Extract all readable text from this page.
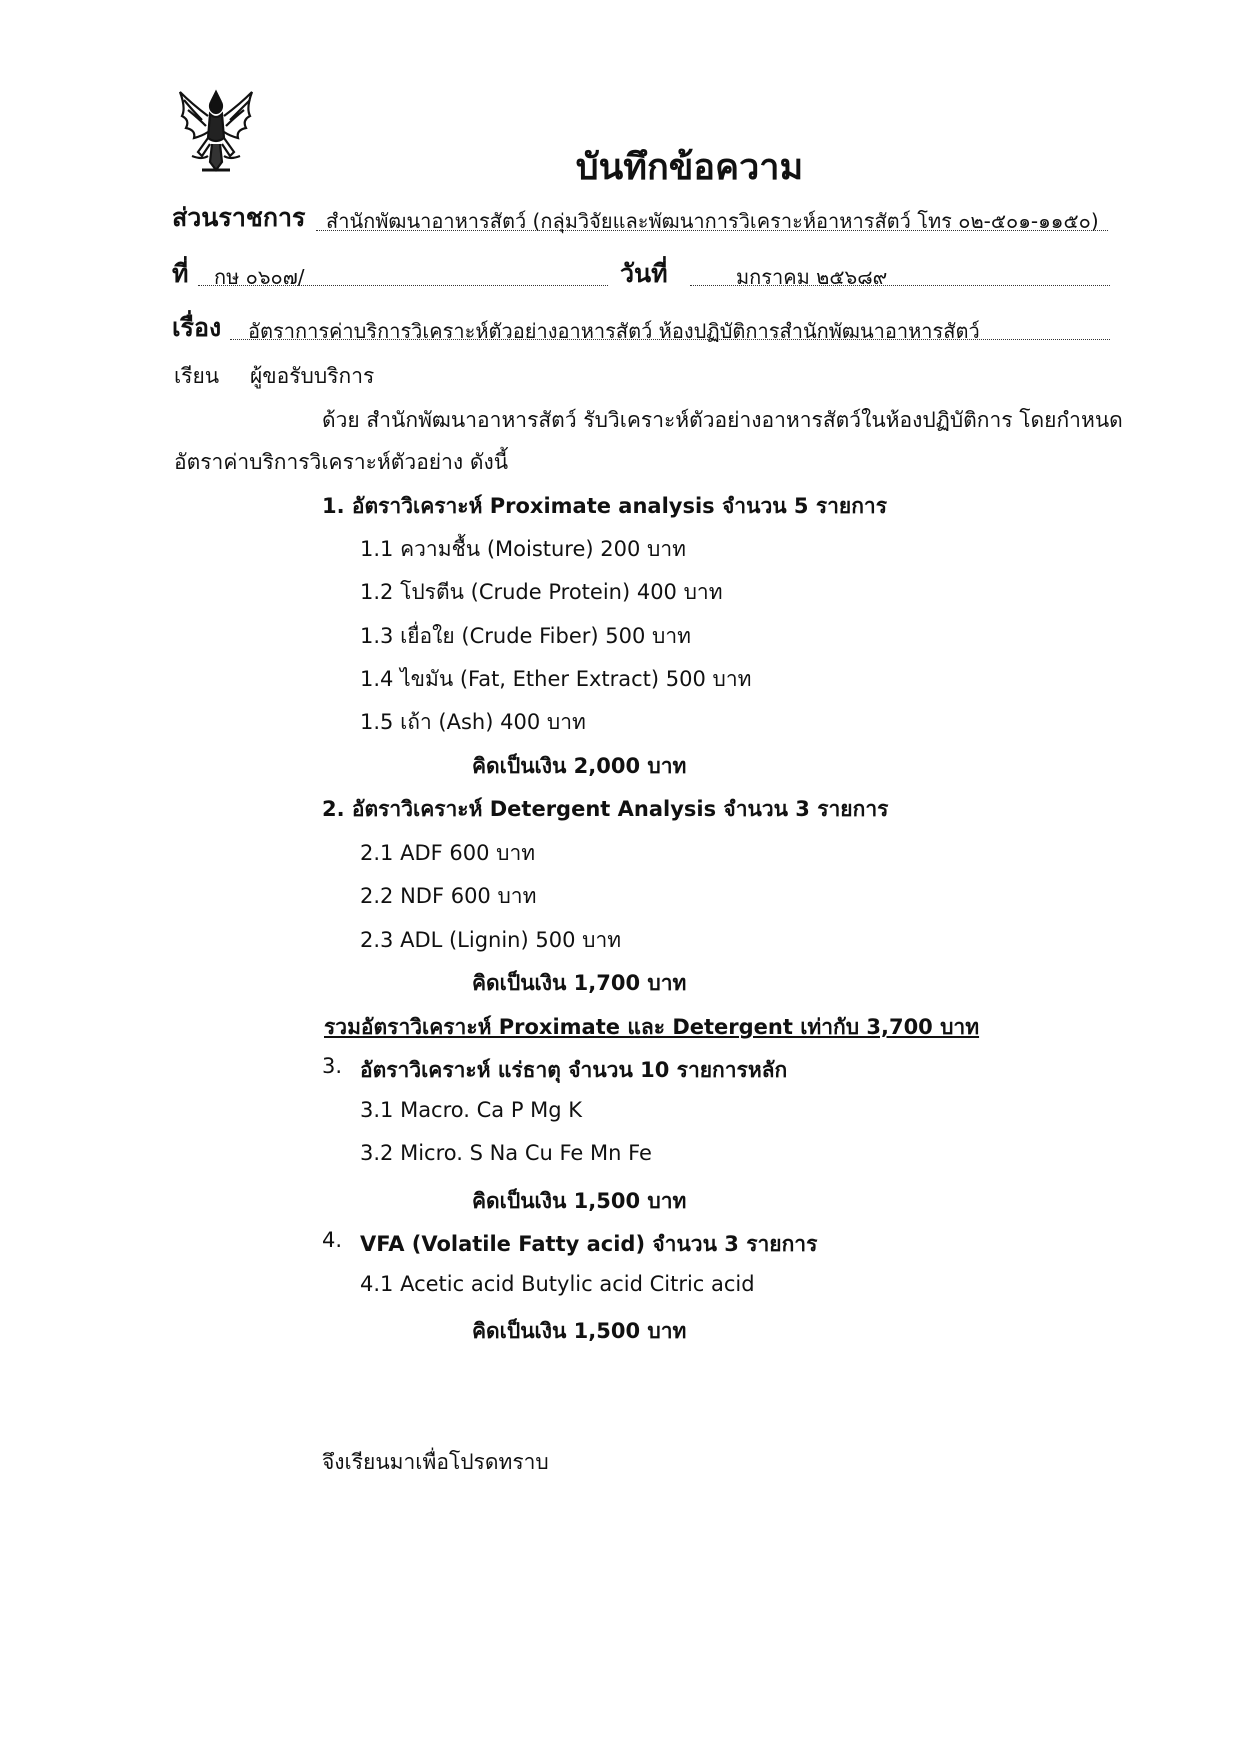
บันทึกข้อความ
ส่วนราชการ สำนักพัฒนาอาหารสัตว์ (กลุ่มวิจัยและพัฒนาการวิเคราะห์อาหารสัตว์ โทร ๐๒-๕๐๑-๑๑๕๐)
ที่ กษ ๐๖๐๗/	วันที่	มกราคม ๒๕๖๘๙
เรื่อง อัตราการค่าบริการวิเคราะห์ตัวอย่างอาหารสัตว์ ห้องปฏิบัติการสำนักพัฒนาอาหารสัตว์
เรียน ผู้ขอรับบริการ
ด้วย สำนักพัฒนาอาหารสัตว์ รับวิเคราะห์ตัวอย่างอาหารสัตว์ในห้องปฏิบัติการ โดยกำหนด
อัตราค่าบริการวิเคราะห์ตัวอย่าง ดังนี้
1. อัตราวิเคราะห์ Proximate analysis จำนวน 5 รายการ
1.1 ความชื้น (Moisture) 200 บาท
1.2 โปรตีน (Crude Protein) 400 บาท
1.3 เยื่อใย (Crude Fiber) 500 บาท
1.4 ไขมัน (Fat, Ether Extract) 500 บาท
1.5 เถ้า (Ash) 400 บาท
คิดเป็นเงิน 2,000 บาท
2. อัตราวิเคราะห์ Detergent Analysis จำนวน 3 รายการ
2.1 ADF 600 บาท
2.2 NDF 600 บาท
2.3 ADL (Lignin) 500 บาท
คิดเป็นเงิน 1,700 บาท
รวมอัตราวิเคราะห์ Proximate และ Detergent เท่ากับ 3,700 บาท
3. อัตราวิเคราะห์ แร่ธาตุ จำนวน 10 รายการหลัก
3.1 Macro. Ca P Mg K
3.2 Micro. S Na Cu Fe Mn Fe
คิดเป็นเงิน 1,500 บาท
4. VFA (Volatile Fatty acid) จำนวน 3 รายการ
4.1 Acetic acid Butylic acid Citric acid
คิดเป็นเงิน 1,500 บาท
จึงเรียนมาเพื่อโปรดทราบ
